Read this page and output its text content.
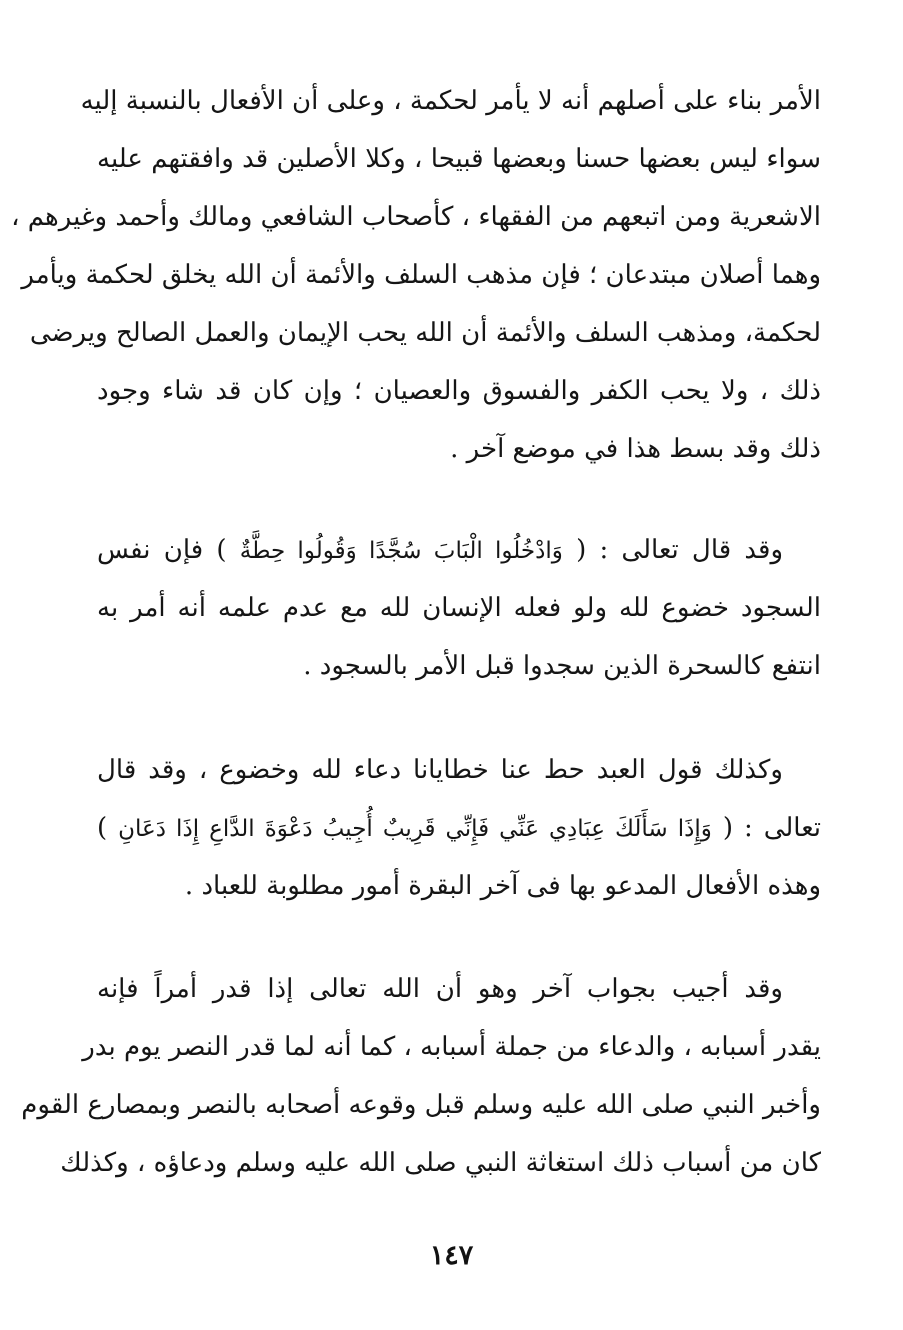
الأمر بناء على أصلهم أنه لا يأمر لحكمة ، وعلى أن الأفعال بالنسبة إليه
سواء ليس بعضها حسنا وبعضها قبيحا ، وكلا الأصلين قد وافقتهم عليه
الاشعرية ومن اتبعهم من الفقهاء ، كأصحاب الشافعي ومالك وأحمد وغيرهم ،
وهما أصلان مبتدعان ؛ فإن مذهب السلف والأئمة أن الله يخلق لحكمة ويأمر
لحكمة، ومذهب السلف والأئمة أن الله يحب الإيمان والعمل الصالح ويرضى
ذلك ، ولا يحب الكفر والفسوق والعصيان ؛ وإن كان قد شاء وجود
ذلك وقد بسط هذا في موضع آخر .
وقد قال تعالى : ( وَادْخُلُوا الْبَابَ سُجَّدًا وَقُولُوا حِطَّةٌ ) فإن نفس
السجود خضوع لله ولو فعله الإنسان لله مع عدم علمه أنه أمر به
انتفع كالسحرة الذين سجدوا قبل الأمر بالسجود .
وكذلك قول العبد حط عنا خطايانا دعاء لله وخضوع ، وقد قال
تعالى : ( وَإِذَا سَأَلَكَ عِبَادِي عَنِّي فَإِنِّي قَرِيبٌ أُجِيبُ دَعْوَةَ الدَّاعِ إِذَا دَعَانِ )
وهذه الأفعال المدعو بها فى آخر البقرة أمور مطلوبة للعباد .
وقد أجيب بجواب آخر وهو أن الله تعالى إذا قدر أمراً فإنه
يقدر أسبابه ، والدعاء من جملة أسبابه ، كما أنه لما قدر النصر يوم بدر
وأخبر النبي صلى الله عليه وسلم قبل وقوعه أصحابه بالنصر وبمصارع القوم
كان من أسباب ذلك استغاثة النبي صلى الله عليه وسلم ودعاؤه ، وكذلك
١٤٧
